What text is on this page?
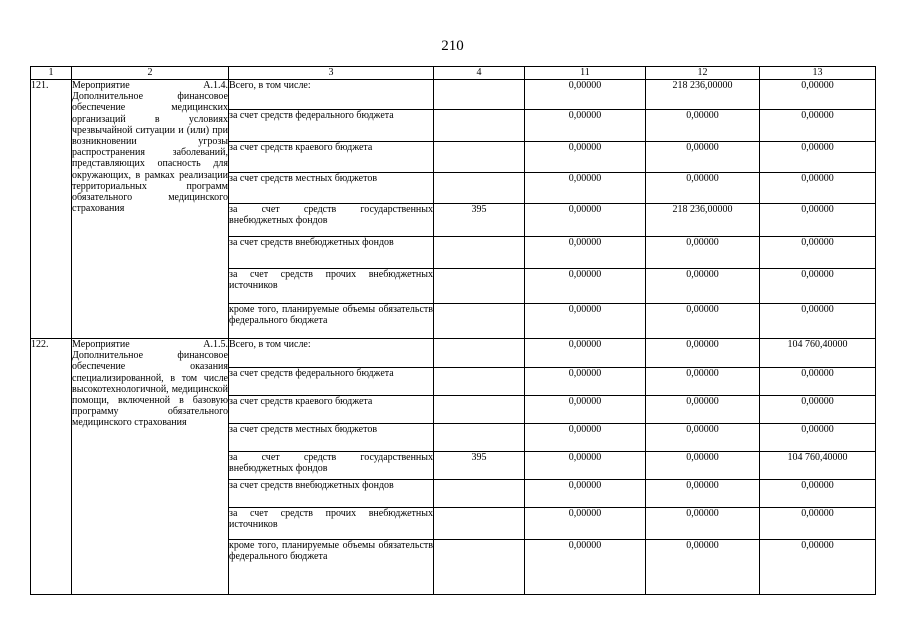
210
1	2	3	4	11	12	13
121.	Мероприятие А.1.4. Дополнительное финансовое обеспечение медицинских организаций в условиях чрезвычайной ситуации и (или) при возникновении угрозы распространения заболеваний, представляющих опасность для окружающих, в рамках реализации территориальных программ обязательного медицинского страхования	Всего, в том числе:		0,00000	218 236,00000	0,00000
		за счет средств федерального бюджета		0,00000	0,00000	0,00000
		за счет средств краевого бюджета		0,00000	0,00000	0,00000
		за счет средств местных бюджетов		0,00000	0,00000	0,00000
		за счет средств государственных внебюджетных фондов	395	0,00000	218 236,00000	0,00000
		за счет средств внебюджетных фондов		0,00000	0,00000	0,00000
		за счет средств прочих внебюджетных источников		0,00000	0,00000	0,00000
		кроме того, планируемые объемы обязательств федерального бюджета		0,00000	0,00000	0,00000
122.	Мероприятие А.1.5. Дополнительное финансовое обеспечение оказания специализированной, в том числе высокотехнологичной, медицинской помощи, включенной в базовую программу обязательного медицинского страхования	Всего, в том числе:		0,00000	0,00000	104 760,40000
		за счет средств федерального бюджета		0,00000	0,00000	0,00000
		за счет средств краевого бюджета		0,00000	0,00000	0,00000
		за счет средств местных бюджетов		0,00000	0,00000	0,00000
		за счет средств государственных внебюджетных фондов	395	0,00000	0,00000	104 760,40000
		за счет средств внебюджетных фондов		0,00000	0,00000	0,00000
		за счет средств прочих внебюджетных источников		0,00000	0,00000	0,00000
		кроме того, планируемые объемы обязательств федерального бюджета		0,00000	0,00000	0,00000
